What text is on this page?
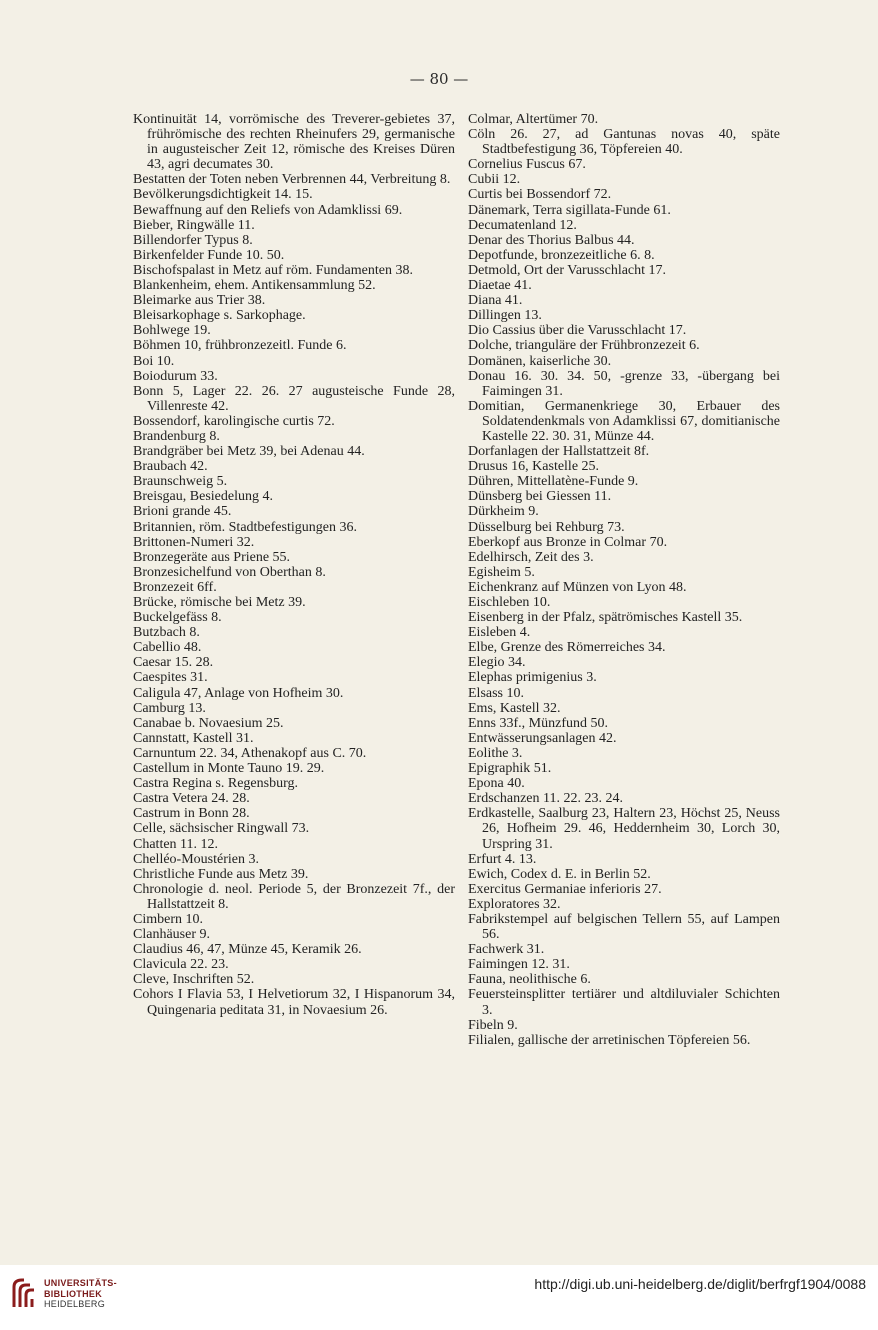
— 80 —

Kontinuität 14, vorrömische des Treverer-gebietes 37, frührömische des rechten Rheinufers 29, germanische in augusteischer Zeit 12, römische des Kreises Düren 43, agri decumates 30.

Bestatten der Toten neben Verbrennen 44, Verbreitung 8.

Bevölkerungsdichtigkeit 14. 15.

Bewaffnung auf den Reliefs von Adamklissi 69.

Bieber, Ringwälle 11.

Billendorfer Typus 8.

Birkenfelder Funde 10. 50.

Bischofspalast in Metz auf röm. Fundamenten 38.

Blankenheim, ehem. Antikensammlung 52.

Bleimarke aus Trier 38.

Bleisarkophage s. Sarkophage.

Bohlwege 19.

Böhmen 10, frühbronzezeitl. Funde 6.

Boi 10.

Boiodurum 33.

Bonn 5, Lager 22. 26. 27 augusteische Funde 28, Villenreste 42.

Bossendorf, karolingische curtis 72.

Brandenburg 8.

Brandgräber bei Metz 39, bei Adenau 44.

Braubach 42.

Braunschweig 5.

Breisgau, Besiedelung 4.

Brioni grande 45.

Britannien, röm. Stadtbefestigungen 36.

Brittonen-Numeri 32.

Bronzegeräte aus Priene 55.

Bronzesichelfund von Oberthan 8.

Bronzezeit 6ff.

Brücke, römische bei Metz 39.

Buckelgefäss 8.

Butzbach 8.

Cabellio 48.

Caesar 15. 28.

Caespites 31.

Caligula 47, Anlage von Hofheim 30.

Camburg 13.

Canabae b. Novaesium 25.

Cannstatt, Kastell 31.

Carnuntum 22. 34, Athenakopf aus C. 70.

Castellum in Monte Tauno 19. 29.

Castra Regina s. Regensburg.

Castra Vetera 24. 28.

Castrum in Bonn 28.

Celle, sächsischer Ringwall 73.

Chatten 11. 12.

Chelléo-Moustérien 3.

Christliche Funde aus Metz 39.

Chronologie d. neol. Periode 5, der Bronzezeit 7f., der Hallstattzeit 8.

Cimbern 10.

Clanhäuser 9.

Claudius 46, 47, Münze 45, Keramik 26.

Clavicula 22. 23.

Cleve, Inschriften 52.

Cohors I Flavia 53, I Helvetiorum 32, I Hispanorum 34, Quingenaria peditata 31, in Novaesium 26.

Colmar, Altertümer 70.

Cöln 26. 27, ad Gantunas novas 40, späte Stadtbefestigung 36, Töpfereien 40.

Cornelius Fuscus 67.

Cubii 12.

Curtis bei Bossendorf 72.

Dänemark, Terra sigillata-Funde 61.

Decumatenland 12.

Denar des Thorius Balbus 44.

Depotfunde, bronzezeitliche 6. 8.

Detmold, Ort der Varusschlacht 17.

Diaetae 41.

Diana 41.

Dillingen 13.

Dio Cassius über die Varusschlacht 17.

Dolche, trianguläre der Frühbronzezeit 6.

Domänen, kaiserliche 30.

Donau 16. 30. 34. 50, -grenze 33, -übergang bei Faimingen 31.

Domitian, Germanenkriege 30, Erbauer des Soldatendenkmals von Adamklissi 67, domitianische Kastelle 22. 30. 31, Münze 44.

Dorfanlagen der Hallstattzeit 8f.

Drusus 16, Kastelle 25.

Dühren, Mittellatène-Funde 9.

Dünsberg bei Giessen 11.

Dürkheim 9.

Düsselburg bei Rehburg 73.

Eberkopf aus Bronze in Colmar 70.

Edelhirsch, Zeit des 3.

Egisheim 5.

Eichenkranz auf Münzen von Lyon 48.

Eischleben 10.

Eisenberg in der Pfalz, spätrömisches Kastell 35.

Eisleben 4.

Elbe, Grenze des Römerreiches 34.

Elegio 34.

Elephas primigenius 3.

Elsass 10.

Ems, Kastell 32.

Enns 33f., Münzfund 50.

Entwässerungsanlagen 42.

Eolithe 3.

Epigraphik 51.

Epona 40.

Erdschanzen 11. 22. 23. 24.

Erdkastelle, Saalburg 23, Haltern 23, Höchst 25, Neuss 26, Hofheim 29. 46, Heddernheim 30, Lorch 30, Urspring 31.

Erfurt 4. 13.

Ewich, Codex d. E. in Berlin 52.

Exercitus Germaniae inferioris 27.

Exploratores 32.

Fabrikstempel auf belgischen Tellern 55, auf Lampen 56.

Fachwerk 31.

Faimingen 12. 31.

Fauna, neolithische 6.

Feuersteinsplitter tertiärer und altdiluvialer Schichten 3.

Fibeln 9.

Filialen, gallische der arretinischen Töpfereien 56.

UNIVERSITÄTS-
BIBLIOTHEK
HEIDELBERG
http://digi.ub.uni-heidelberg.de/diglit/berfrgf1904/0088
